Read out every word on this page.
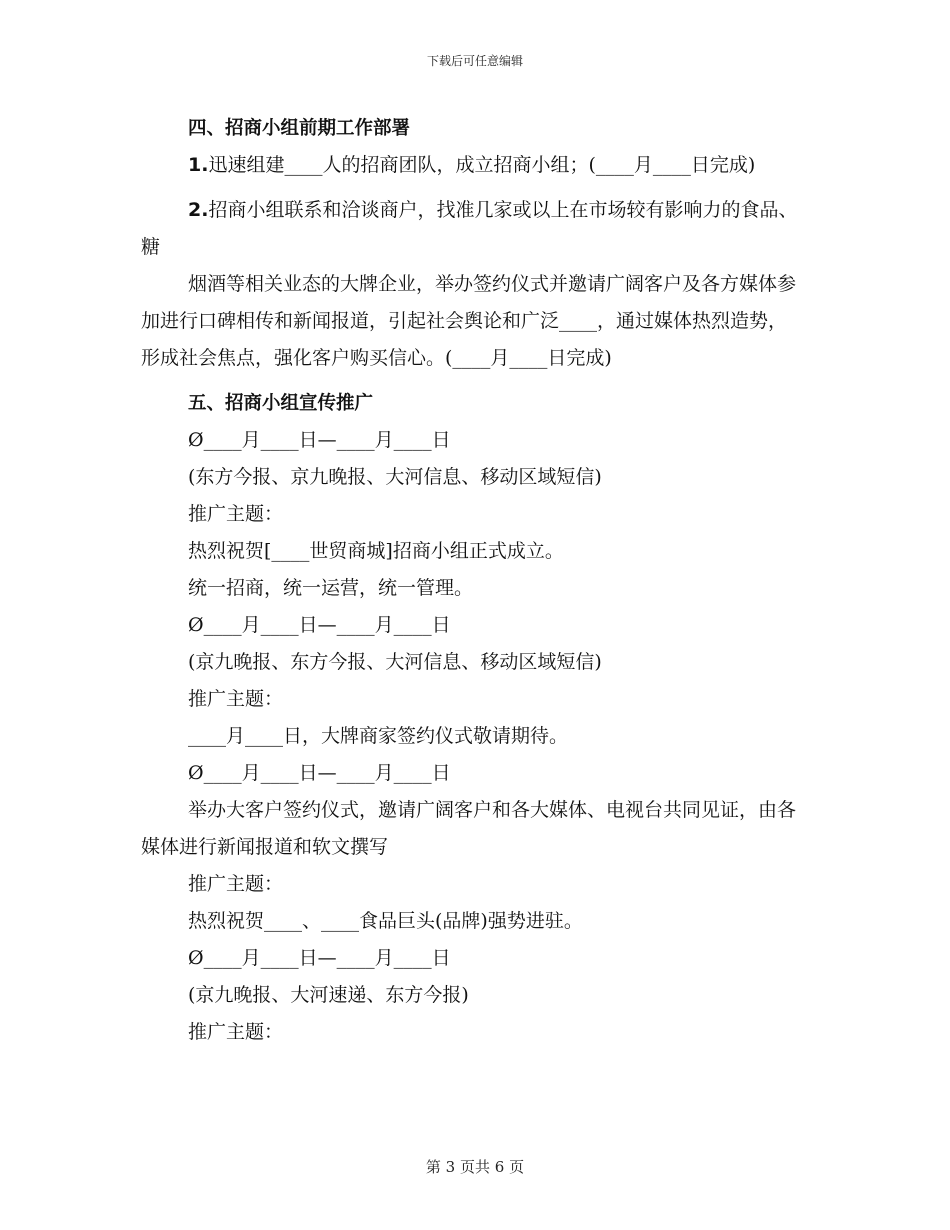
下载后可任意编辑
四、招商小组前期工作部署
1.迅速组建____人的招商团队，成立招商小组；(____月____日完成)
2.招商小组联系和洽谈商户，找准几家或以上在市场较有影响力的食品、糖
烟酒等相关业态的大牌企业，举办签约仪式并邀请广阔客户及各方媒体参加进行口碑相传和新闻报道，引起社会舆论和广泛____，通过媒体热烈造势，形成社会焦点，强化客户购买信心。(____月____日完成)
五、招商小组宣传推广
Ø____月____日—____月____日
(东方今报、京九晚报、大河信息、移动区域短信)
推广主题：
热烈祝贺[____世贸商城]招商小组正式成立。
统一招商，统一运营，统一管理。
Ø____月____日—____月____日
(京九晚报、东方今报、大河信息、移动区域短信)
推广主题：
____月____日，大牌商家签约仪式敬请期待。
Ø____月____日—____月____日
举办大客户签约仪式，邀请广阔客户和各大媒体、电视台共同见证，由各媒体进行新闻报道和软文撰写
推广主题：
热烈祝贺____、____食品巨头(品牌)强势进驻。
Ø____月____日—____月____日
(京九晚报、大河速递、东方今报)
推广主题：
第 3 页共 6 页
